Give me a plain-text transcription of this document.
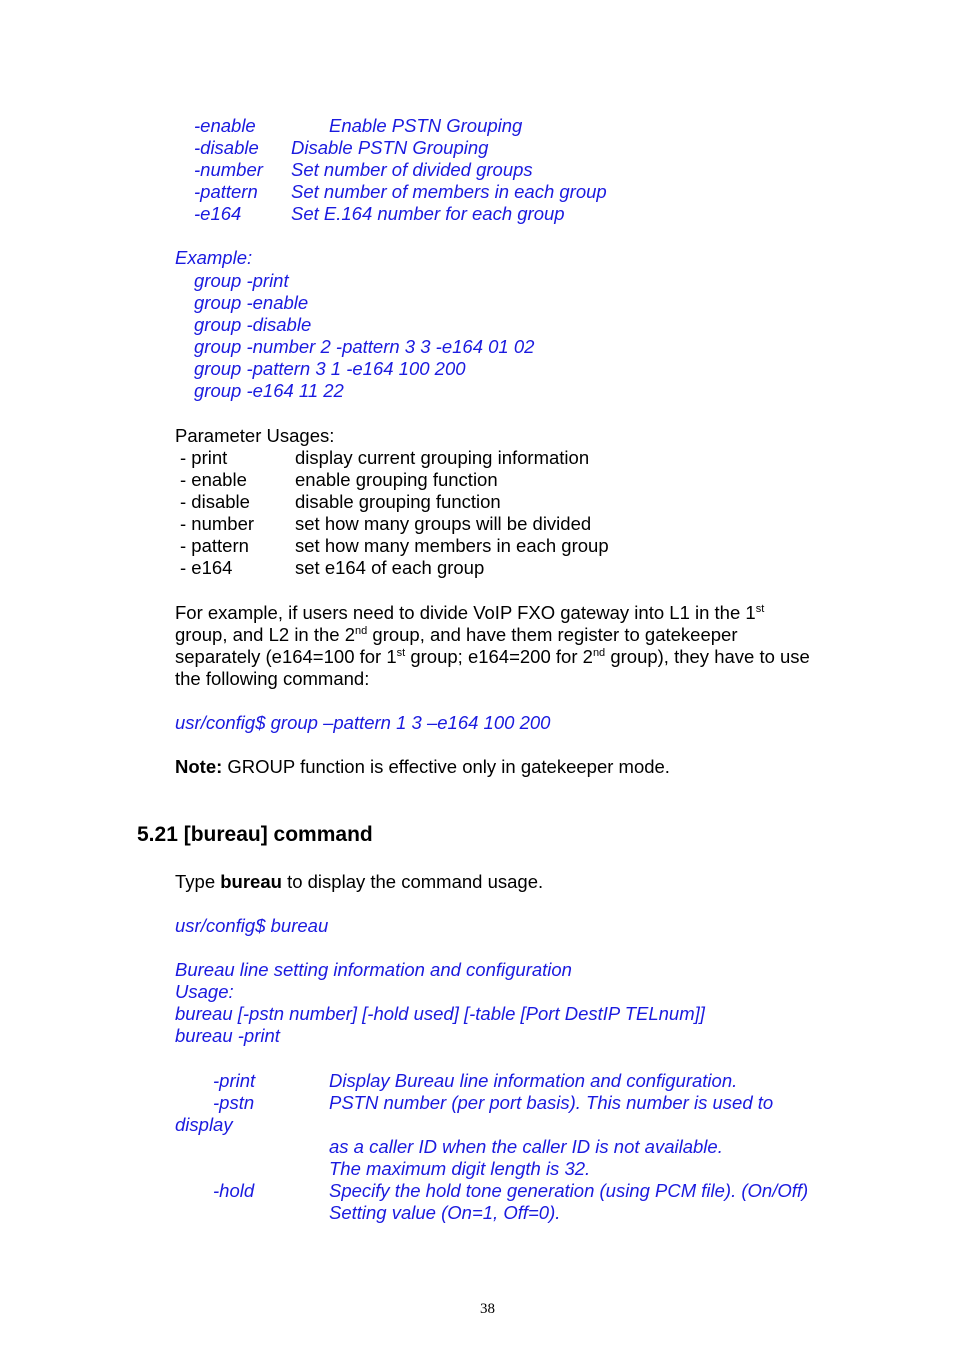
-enable	Enable PSTN Grouping
-disable Disable PSTN Grouping
-number Set number of divided groups
-pattern Set number of members in each group
-e164	Set E.164 number for each group
Example:
group -print
group -enable
group -disable
group -number 2 -pattern 3 3 -e164 01 02
group -pattern 3 1 -e164 100 200
group -e164 11 22
Parameter Usages:
- print	display current grouping information
- enable	enable grouping function
- disable disable grouping function
- number set how many groups will be divided
- pattern set how many members in each group
- e164	set e164 of each group
For example, if users need to divide VoIP FXO gateway into L1 in the 1st
group, and L2 in the 2nd group, and have them register to gatekeeper
separately (e164=100 for 1st group; e164=200 for 2nd group), they have to use
the following command:
usr/config$ group –pattern 1 3 –e164 100 200
Note: GROUP function is effective only in gatekeeper mode.
5.21 [bureau] command
Type bureau to display the command usage.
usr/config$ bureau
Bureau line setting information and configuration
Usage:
bureau [-pstn number] [-hold used] [-table [Port DestIP TELnum]]
bureau -print
-print	Display Bureau line information and configuration.
-pstn	PSTN number (per port basis). This number is used to
display
as a caller ID when the caller ID is not available.
The maximum digit length is 32.
-hold	Specify the hold tone generation (using PCM file). (On/Off)
Setting value (On=1, Off=0).
38
